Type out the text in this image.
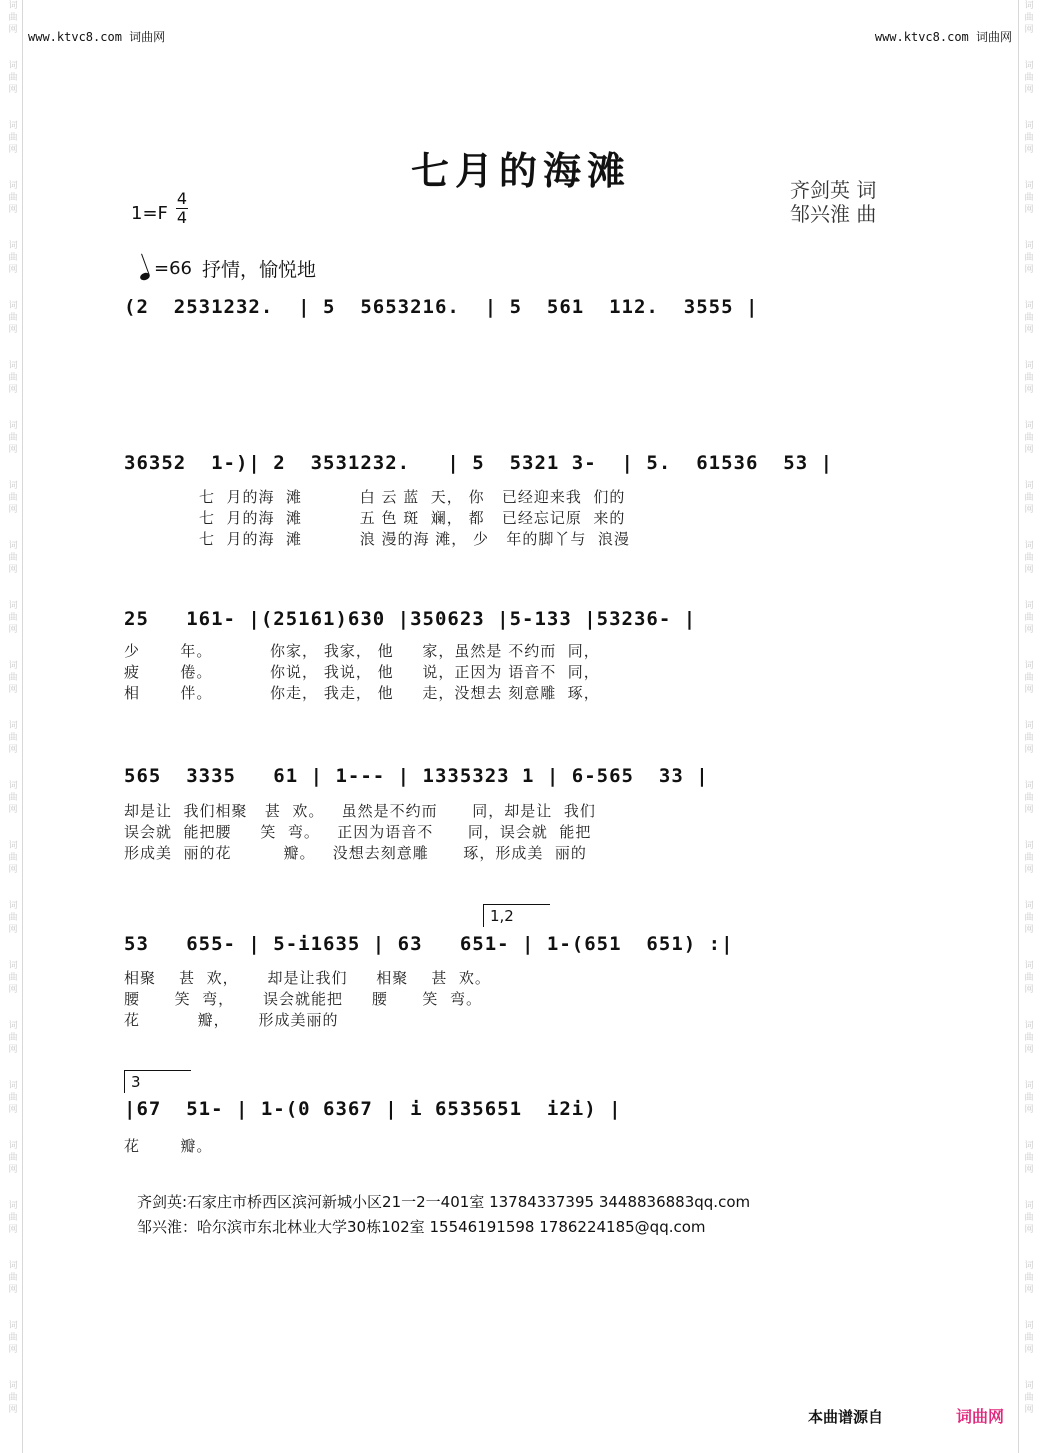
词
曲
网
词
曲
网
词
曲
网
词
曲
网
词
曲
网
词
曲
网
词
曲
网
词
曲
网
词
曲
网
词
曲
网
词
曲
网
词
曲
网
词
曲
网
词
曲
网
词
曲
网
词
曲
网
词
曲
网
词
曲
网
词
曲
网
词
曲
网
词
曲
网
词
曲
网
词
曲
网
词
曲
网
词
曲
网
词
曲
网
词
曲
网
词
曲
网
词
曲
网
词
曲
网
词
曲
网
词
曲
网
词
曲
网
词
曲
网
词
曲
网
词
曲
网
词
曲
网
词
曲
网
词
曲
网
词
曲
网
词
曲
网
词
曲
网
词
曲
网
词
曲
网
词
曲
网
词
曲
网
词
曲
网
词
曲
网
www.ktvc8.com 词曲网	www.ktvc8.com 词曲网
七月的海滩	齐剑英 词
邹兴淮 曲
1=F
4
4
=66 抒情，愉悦地
(2  2531232.  | 5  5653216.  | 5  561  112.  3555 |
36352  1-)| 2  3531232.   | 5  5321 3-  | 5.  61536  53 |
七  月的海  滩          白 云 蓝  天， 你   已经迎来我  们的
七  月的海  滩          五 色 斑  斓， 都   已经忘记原  来的
七  月的海  滩          浪 漫的海 滩， 少   年的脚丫与  浪漫
25   161- |(25161)630 |350623 |5-133 |53236- |
少       年。          你家， 我家， 他     家，虽然是 不约而  同，
疲       倦。          你说， 我说， 他     说，正因为 语音不  同，
相       伴。          你走， 我走， 他     走，没想去 刻意雕  琢，
565  3335   61 | 1--- | 1335323 1 | 6-565  33 |
却是让  我们相聚   甚  欢。   虽然是不约而      同，却是让  我们
误会就  能把腰     笑  弯。   正因为语音不      同，误会就  能把
形成美  丽的花         瓣。   没想去刻意雕      琢，形成美  丽的
1,2
53   655- | 5-i1635 | 63   651- | 1-(651  651) :|
相聚    甚  欢，     却是让我们     相聚    甚  欢。
腰      笑  弯，     误会就能把     腰      笑  弯。
花          瓣，     形成美丽的
3
|67  51- | 1-(0 6367 | i 6535651  i2i) |
花       瓣。
齐剑英:石家庄市桥西区滨河新城小区21一2一401室 13784337395 3448836883qq.com
邹兴淮：哈尔滨市东北林业大学30栋102室 15546191598 1786224185@qq.com
本曲谱源自	词曲网
